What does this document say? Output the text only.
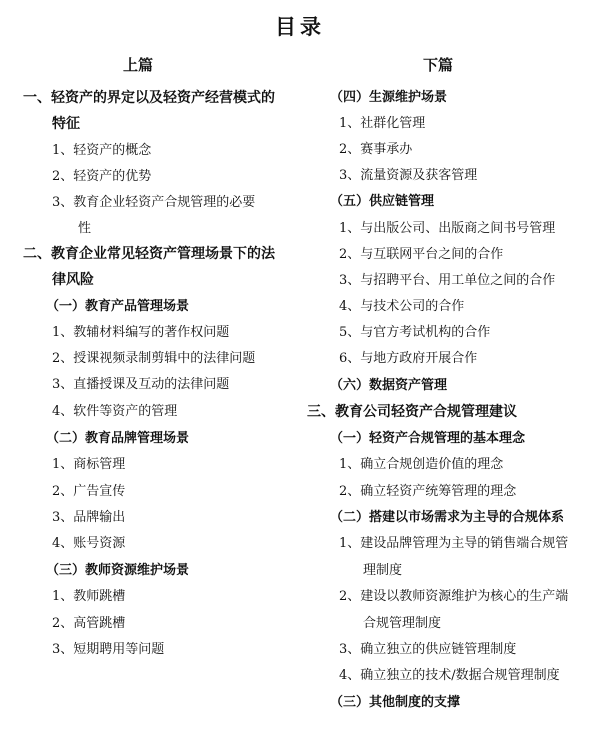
目录
上篇
一、轻资产的界定以及轻资产经营模式的
特征
1、轻资产的概念
2、轻资产的优势
3、教育企业轻资产合规管理的必要
性
二、教育企业常见轻资产管理场景下的法
律风险
（一）教育产品管理场景
1、教辅材料编写的著作权问题
2、授课视频录制剪辑中的法律问题
3、直播授课及互动的法律问题
4、软件等资产的管理
（二）教育品牌管理场景
1、商标管理
2、广告宣传
3、品牌输出
4、账号资源
（三）教师资源维护场景
1、教师跳槽
2、高管跳槽
3、短期聘用等问题
下篇
（四）生源维护场景
1、社群化管理
2、赛事承办
3、流量资源及获客管理
（五）供应链管理
1、与出版公司、出版商之间书号管理
2、与互联网平台之间的合作
3、与招聘平台、用工单位之间的合作
4、与技术公司的合作
5、与官方考试机构的合作
6、与地方政府开展合作
（六）数据资产管理
三、教育公司轻资产合规管理建议
（一）轻资产合规管理的基本理念
1、确立合规创造价值的理念
2、确立轻资产统筹管理的理念
（二）搭建以市场需求为主导的合规体系
1、建设品牌管理为主导的销售端合规管
理制度
2、建设以教师资源维护为核心的生产端
合规管理制度
3、确立独立的供应链管理制度
4、确立独立的技术/数据合规管理制度
（三）其他制度的支撑
